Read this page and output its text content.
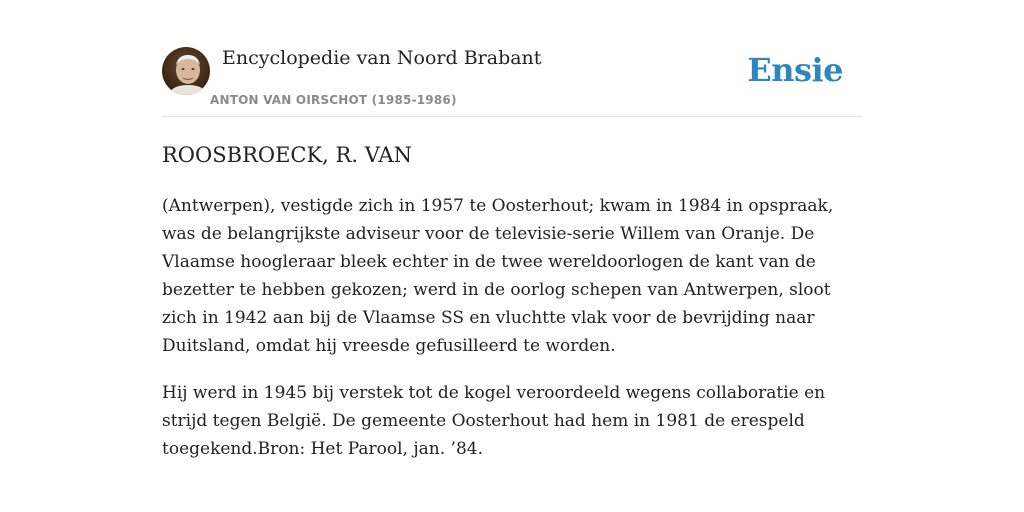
Encyclopedie van Noord Brabant
ANTON VAN OIRSCHOT (1985-1986)
Ensie
ROOSBROECK, R. VAN

(Antwerpen), vestigde zich in 1957 te Oosterhout; kwam in 1984 in opspraak, was de belangrijkste adviseur voor de televisie-serie Willem van Oranje. De Vlaamse hoogleraar bleek echter in de twee wereldoorlogen de kant van de bezetter te hebben gekozen; werd in de oorlog schepen van Antwerpen, sloot zich in 1942 aan bij de Vlaamse SS en vluchtte vlak voor de bevrijding naar Duitsland, omdat hij vreesde gefusilleerd te worden.

Hij werd in 1945 bij verstek tot de kogel veroordeeld wegens collaboratie en strijd tegen België. De gemeente Oosterhout had hem in 1981 de erespeld toegekend.Bron: Het Parool, jan. ’84.
